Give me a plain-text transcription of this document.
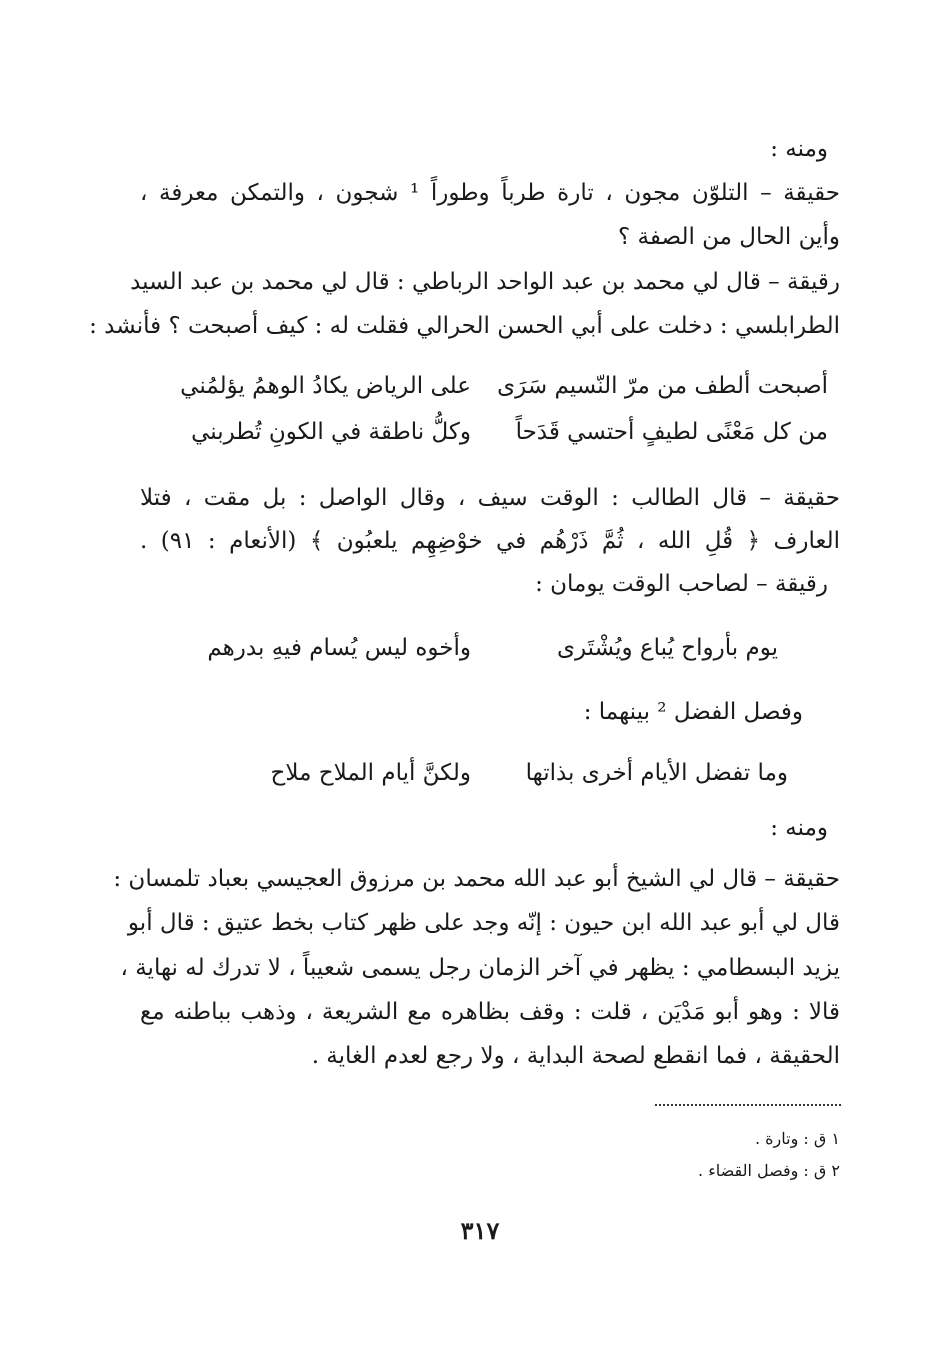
ومنه :
حقيقة – التلوّن مجون ، تارة طرباً وطوراً ¹ شجون ، والتمكن معرفة ،
وأين الحال من الصفة ؟
رقيقة – قال لي محمد بن عبد الواحد الرباطي : قال لي محمد بن عبد السيد
الطرابلسي : دخلت على أبي الحسن الحرالي فقلت له : كيف أصبحت ؟ فأنشد :
أصبحت ألطف من مرّ النّسيم سَرَى
على الرياض يكادُ الوهمُ يؤلمُني
من كل مَعْنًى لطيفٍ أحتسي قَدَحاً
وكلُّ ناطقة في الكونِ تُطربني
حقيقة – قال الطالب : الوقت سيف ، وقال الواصل : بل مقت ، فتلا
العارف ﴿ قُلِ الله ، ثُمَّ ذَرْهُم في خوْضِهِم يلعبُون ﴾ (الأنعام : ٩١) .
رقيقة – لصاحب الوقت يومان :
يوم بأرواح يُباع ويُشْتَرى
وأخوه ليس يُسام فيهِ بدرهم
وفصل الفضل ² بينهما :
وما تفضل الأيام أخرى بذاتها
ولكنَّ أيام الملاح ملاح
ومنه :
حقيقة – قال لي الشيخ أبو عبد الله محمد بن مرزوق العجيسي بعباد تلمسان :
قال لي أبو عبد الله ابن حيون : إنّه وجد على ظهر كتاب بخط عتيق : قال أبو
يزيد البسطامي : يظهر في آخر الزمان رجل يسمى شعيباً ، لا تدرك له نهاية ،
قالا : وهو أبو مَدْيَن ، قلت : وقف بظاهره مع الشريعة ، وذهب بباطنه مع
الحقيقة ، فما انقطع لصحة البداية ، ولا رجع لعدم الغاية .
١ ق : وتارة .
٢ ق : وفصل القضاء .
٣١٧
